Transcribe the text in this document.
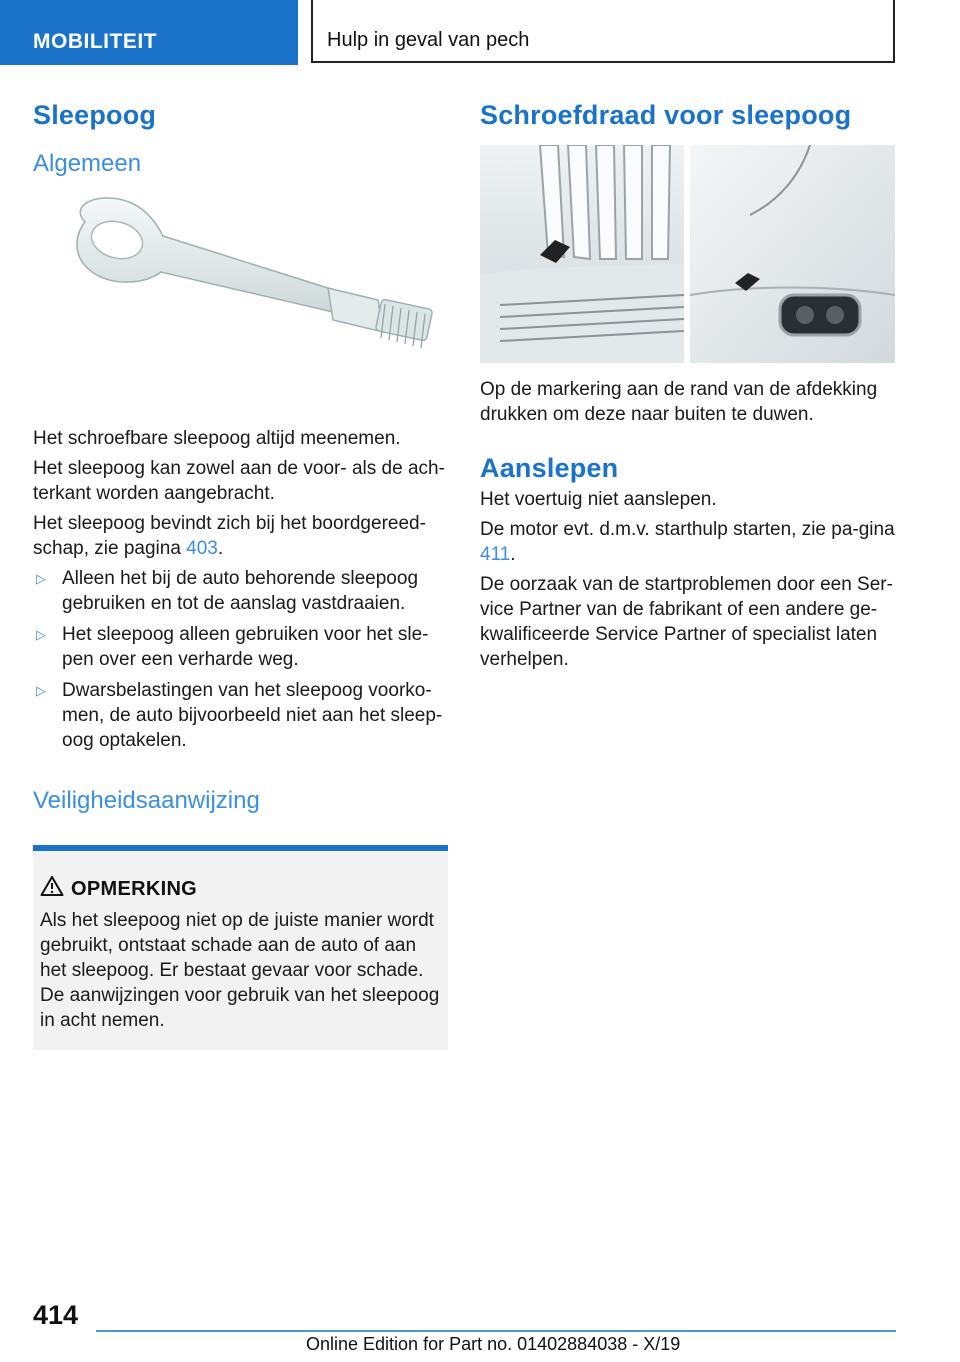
MOBILITEIT	Hulp in geval van pech
Sleepoog
Algemeen

Het schroefbare sleepoog altijd meenemen.

Het sleepoog kan zowel aan de voor- als de ach-terkant worden aangebracht.

Het sleepoog bevindt zich bij het boordgereed-schap, zie pagina 403.

▷ Alleen het bij de auto behorende sleepoog gebruiken en tot de aanslag vastdraaien.
▷ Het sleepoog alleen gebruiken voor het sle-pen over een verharde weg.
▷ Dwarsbelastingen van het sleepoog voorko-men, de auto bijvoorbeeld niet aan het sleep-oog optakelen.
Veiligheidsaanwijzing
OPMERKING
Als het sleepoog niet op de juiste manier wordt gebruikt, ontstaat schade aan de auto of aan het sleepoog. Er bestaat gevaar voor schade. De aanwijzingen voor gebruik van het sleepoog in acht nemen.
Schroefdraad voor sleepoog

Op de markering aan de rand van de afdekking drukken om deze naar buiten te duwen.

Aanslepen

Het voertuig niet aanslepen.

De motor evt. d.m.v. starthulp starten, zie pa-gina 411.

De oorzaak van de startproblemen door een Ser-vice Partner van de fabrikant of een andere ge-kwalificeerde Service Partner of specialist laten verhelpen.

414
Online Edition for Part no. 01402884038 - X/19
